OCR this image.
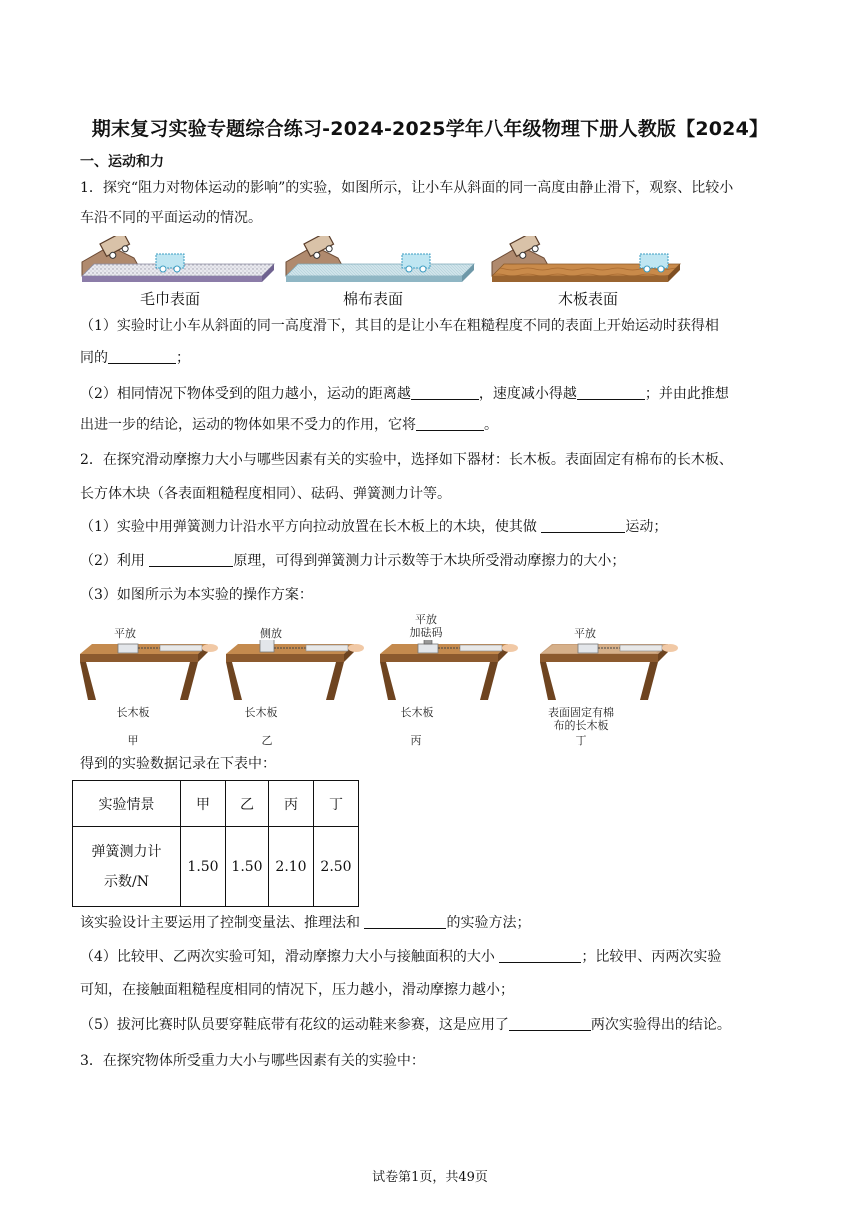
期末复习实验专题综合练习-2024-2025学年八年级物理下册人教版【2024】
一、运动和力
1．探究“阻力对物体运动的影响”的实验，如图所示，让小车从斜面的同一高度由静止滑下，观察、比较小
车沿不同的平面运动的情况。
毛巾表面	棉布表面	木板表面
（1）实验时让小车从斜面的同一高度滑下，其目的是让小车在粗糙程度不同的表面上开始运动时获得相
同的	；
（2）相同情况下物体受到的阻力越小，运动的距离越	，速度减小得越	；并由此推想
出进一步的结论，运动的物体如果不受力的作用，它将	。
2．在探究滑动摩擦力大小与哪些因素有关的实验中，选择如下器材：长木板。表面固定有棉布的长木板、
长方体木块（各表面粗糙程度相同）、砝码、弹簧测力计等。
（1）实验中用弹簧测力计沿水平方向拉动放置在长木板上的木块，使其做	运动；
（2）利用	原理，可得到弹簧测力计示数等于木块所受滑动摩擦力的大小；
（3）如图所示为本实验的操作方案：
平放	侧放
平放
加砝码	平放
长木板	长木板	长木板	表面固定有棉
布的长木板
甲	乙	丙	丁
得到的实验数据记录在下表中：
实验情景	甲	乙	丙	丁

弹簧测力计
示数/N	1.50	1.50	2.10	2.50
该实验设计主要运用了控制变量法、推理法和	的实验方法；
（4）比较甲、乙两次实验可知，滑动摩擦力大小与接触面积的大小	；比较甲、丙两次实验
可知，在接触面粗糙程度相同的情况下，压力越小，滑动摩擦力越小；
（5）拔河比赛时队员要穿鞋底带有花纹的运动鞋来参赛，这是应用了	两次实验得出的结论。
3．在探究物体所受重力大小与哪些因素有关的实验中：
试卷第1页，共49页
